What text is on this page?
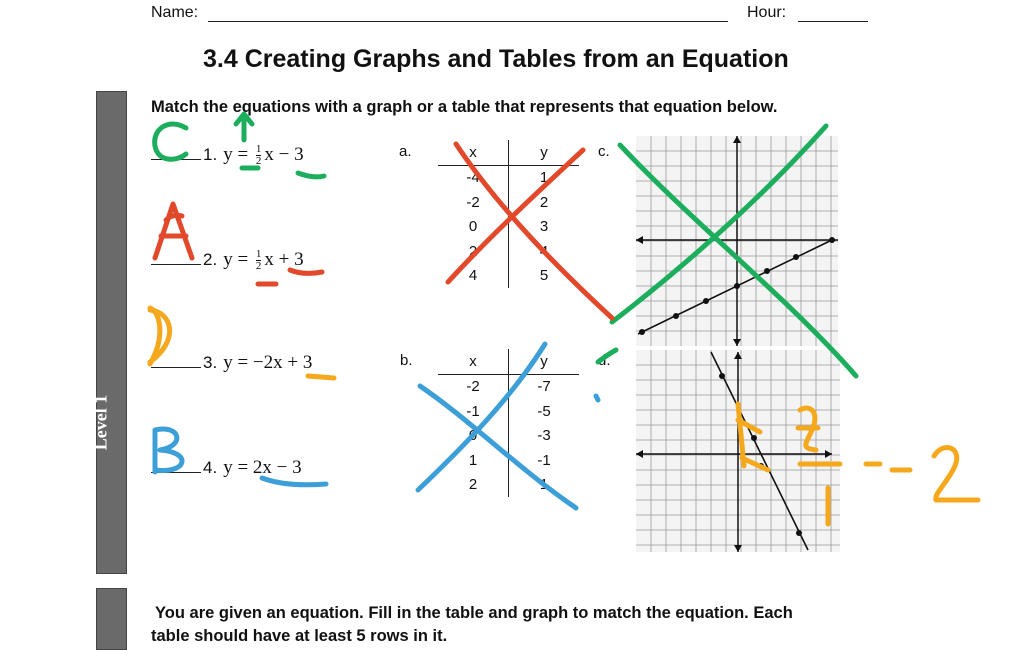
Name:	Hour:
3.4 Creating Graphs and Tables from an Equation
Level 1
Match the equations with a graph or a table that represents that equation below.
1. $y = \frac{1}{2}$ x − 3
2. $y = \frac{1}{2}$ x + 3
3. y = −2x + 3
4. y = 2x − 3
a.	x	y
-4	1
-2	2
0	3
2	4
4	5
b.	x	y
-2	-7
-1	-5
0	-3
1	-1
2	1
c.
d.
You are given an equation. Fill in the table and graph to match the equation. Each
table should have at least 5 rows in it.
